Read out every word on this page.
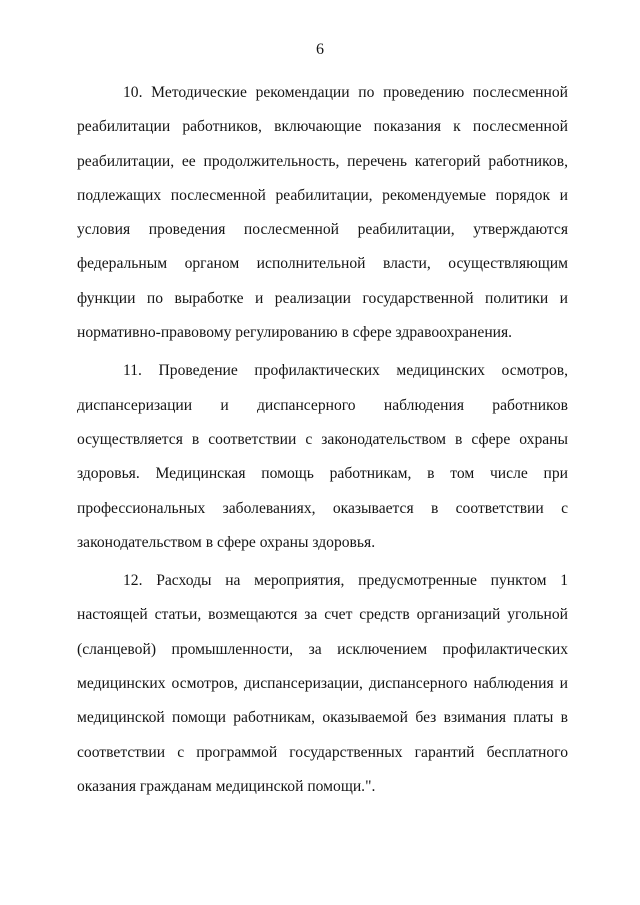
6

10. Методические рекомендации по проведению послесменной реабилитации работников, включающие показания к послесменной реабилитации, ее продолжительность, перечень категорий работников, подлежащих послесменной реабилитации, рекомендуемые порядок и условия проведения послесменной реабилитации, утверждаются федеральным органом исполнительной власти, осуществляющим функции по выработке и реализации государственной политики и нормативно-правовому регулированию в сфере здравоохранения.

11. Проведение профилактических медицинских осмотров, диспансеризации и диспансерного наблюдения работников осуществляется в соответствии с законодательством в сфере охраны здоровья. Медицинская помощь работникам, в том числе при профессиональных заболеваниях, оказывается в соответствии с законодательством в сфере охраны здоровья.

12. Расходы на мероприятия, предусмотренные пунктом 1 настоящей статьи, возмещаются за счет средств организаций угольной (сланцевой) промышленности, за исключением профилактических медицинских осмотров, диспансеризации, диспансерного наблюдения и медицинской помощи работникам, оказываемой без взимания платы в соответствии с программой государственных гарантий бесплатного оказания гражданам медицинской помощи.".
